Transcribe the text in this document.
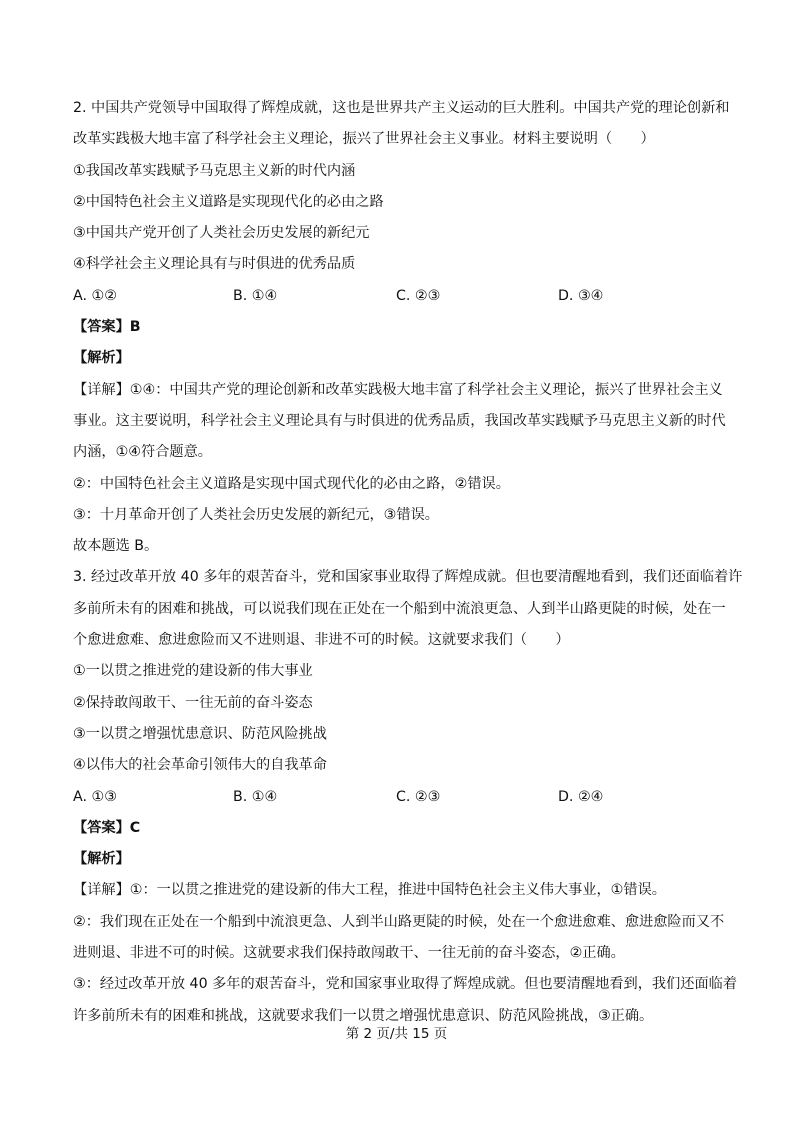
2. 中国共产党领导中国取得了辉煌成就，这也是世界共产主义运动的巨大胜利。中国共产党的理论创新和

改革实践极大地丰富了科学社会主义理论，振兴了世界社会主义事业。材料主要说明（　　）

①我国改革实践赋予马克思主义新的时代内涵

②中国特色社会主义道路是实现现代化的必由之路

③中国共产党开创了人类社会历史发展的新纪元

④科学社会主义理论具有与时俱进的优秀品质

A. ①②	B. ①④	C. ②③	D. ③④

【答案】B

【解析】

【详解】①④：中国共产党的理论创新和改革实践极大地丰富了科学社会主义理论，振兴了世界社会主义

事业。这主要说明，科学社会主义理论具有与时俱进的优秀品质，我国改革实践赋予马克思主义新的时代

内涵，①④符合题意。

②：中国特色社会主义道路是实现中国式现代化的必由之路，②错误。

③：十月革命开创了人类社会历史发展的新纪元，③错误。

故本题选 B。

3. 经过改革开放 40 多年的艰苦奋斗，党和国家事业取得了辉煌成就。但也要清醒地看到，我们还面临着许

多前所未有的困难和挑战，可以说我们现在正处在一个船到中流浪更急、人到半山路更陡的时候，处在一

个愈进愈难、愈进愈险而又不进则退、非进不可的时候。这就要求我们（　　）

①一以贯之推进党的建设新的伟大事业

②保持敢闯敢干、一往无前的奋斗姿态

③一以贯之增强忧患意识、防范风险挑战

④以伟大的社会革命引领伟大的自我革命

A. ①③	B. ①④	C. ②③	D. ②④

【答案】C

【解析】

【详解】①：一以贯之推进党的建设新的伟大工程，推进中国特色社会主义伟大事业，①错误。

②：我们现在正处在一个船到中流浪更急、人到半山路更陡的时候，处在一个愈进愈难、愈进愈险而又不

进则退、非进不可的时候。这就要求我们保持敢闯敢干、一往无前的奋斗姿态，②正确。

③：经过改革开放 40 多年的艰苦奋斗，党和国家事业取得了辉煌成就。但也要清醒地看到，我们还面临着

许多前所未有的困难和挑战，这就要求我们一以贯之增强忧患意识、防范风险挑战，③正确。

第 2 页/共 15 页
